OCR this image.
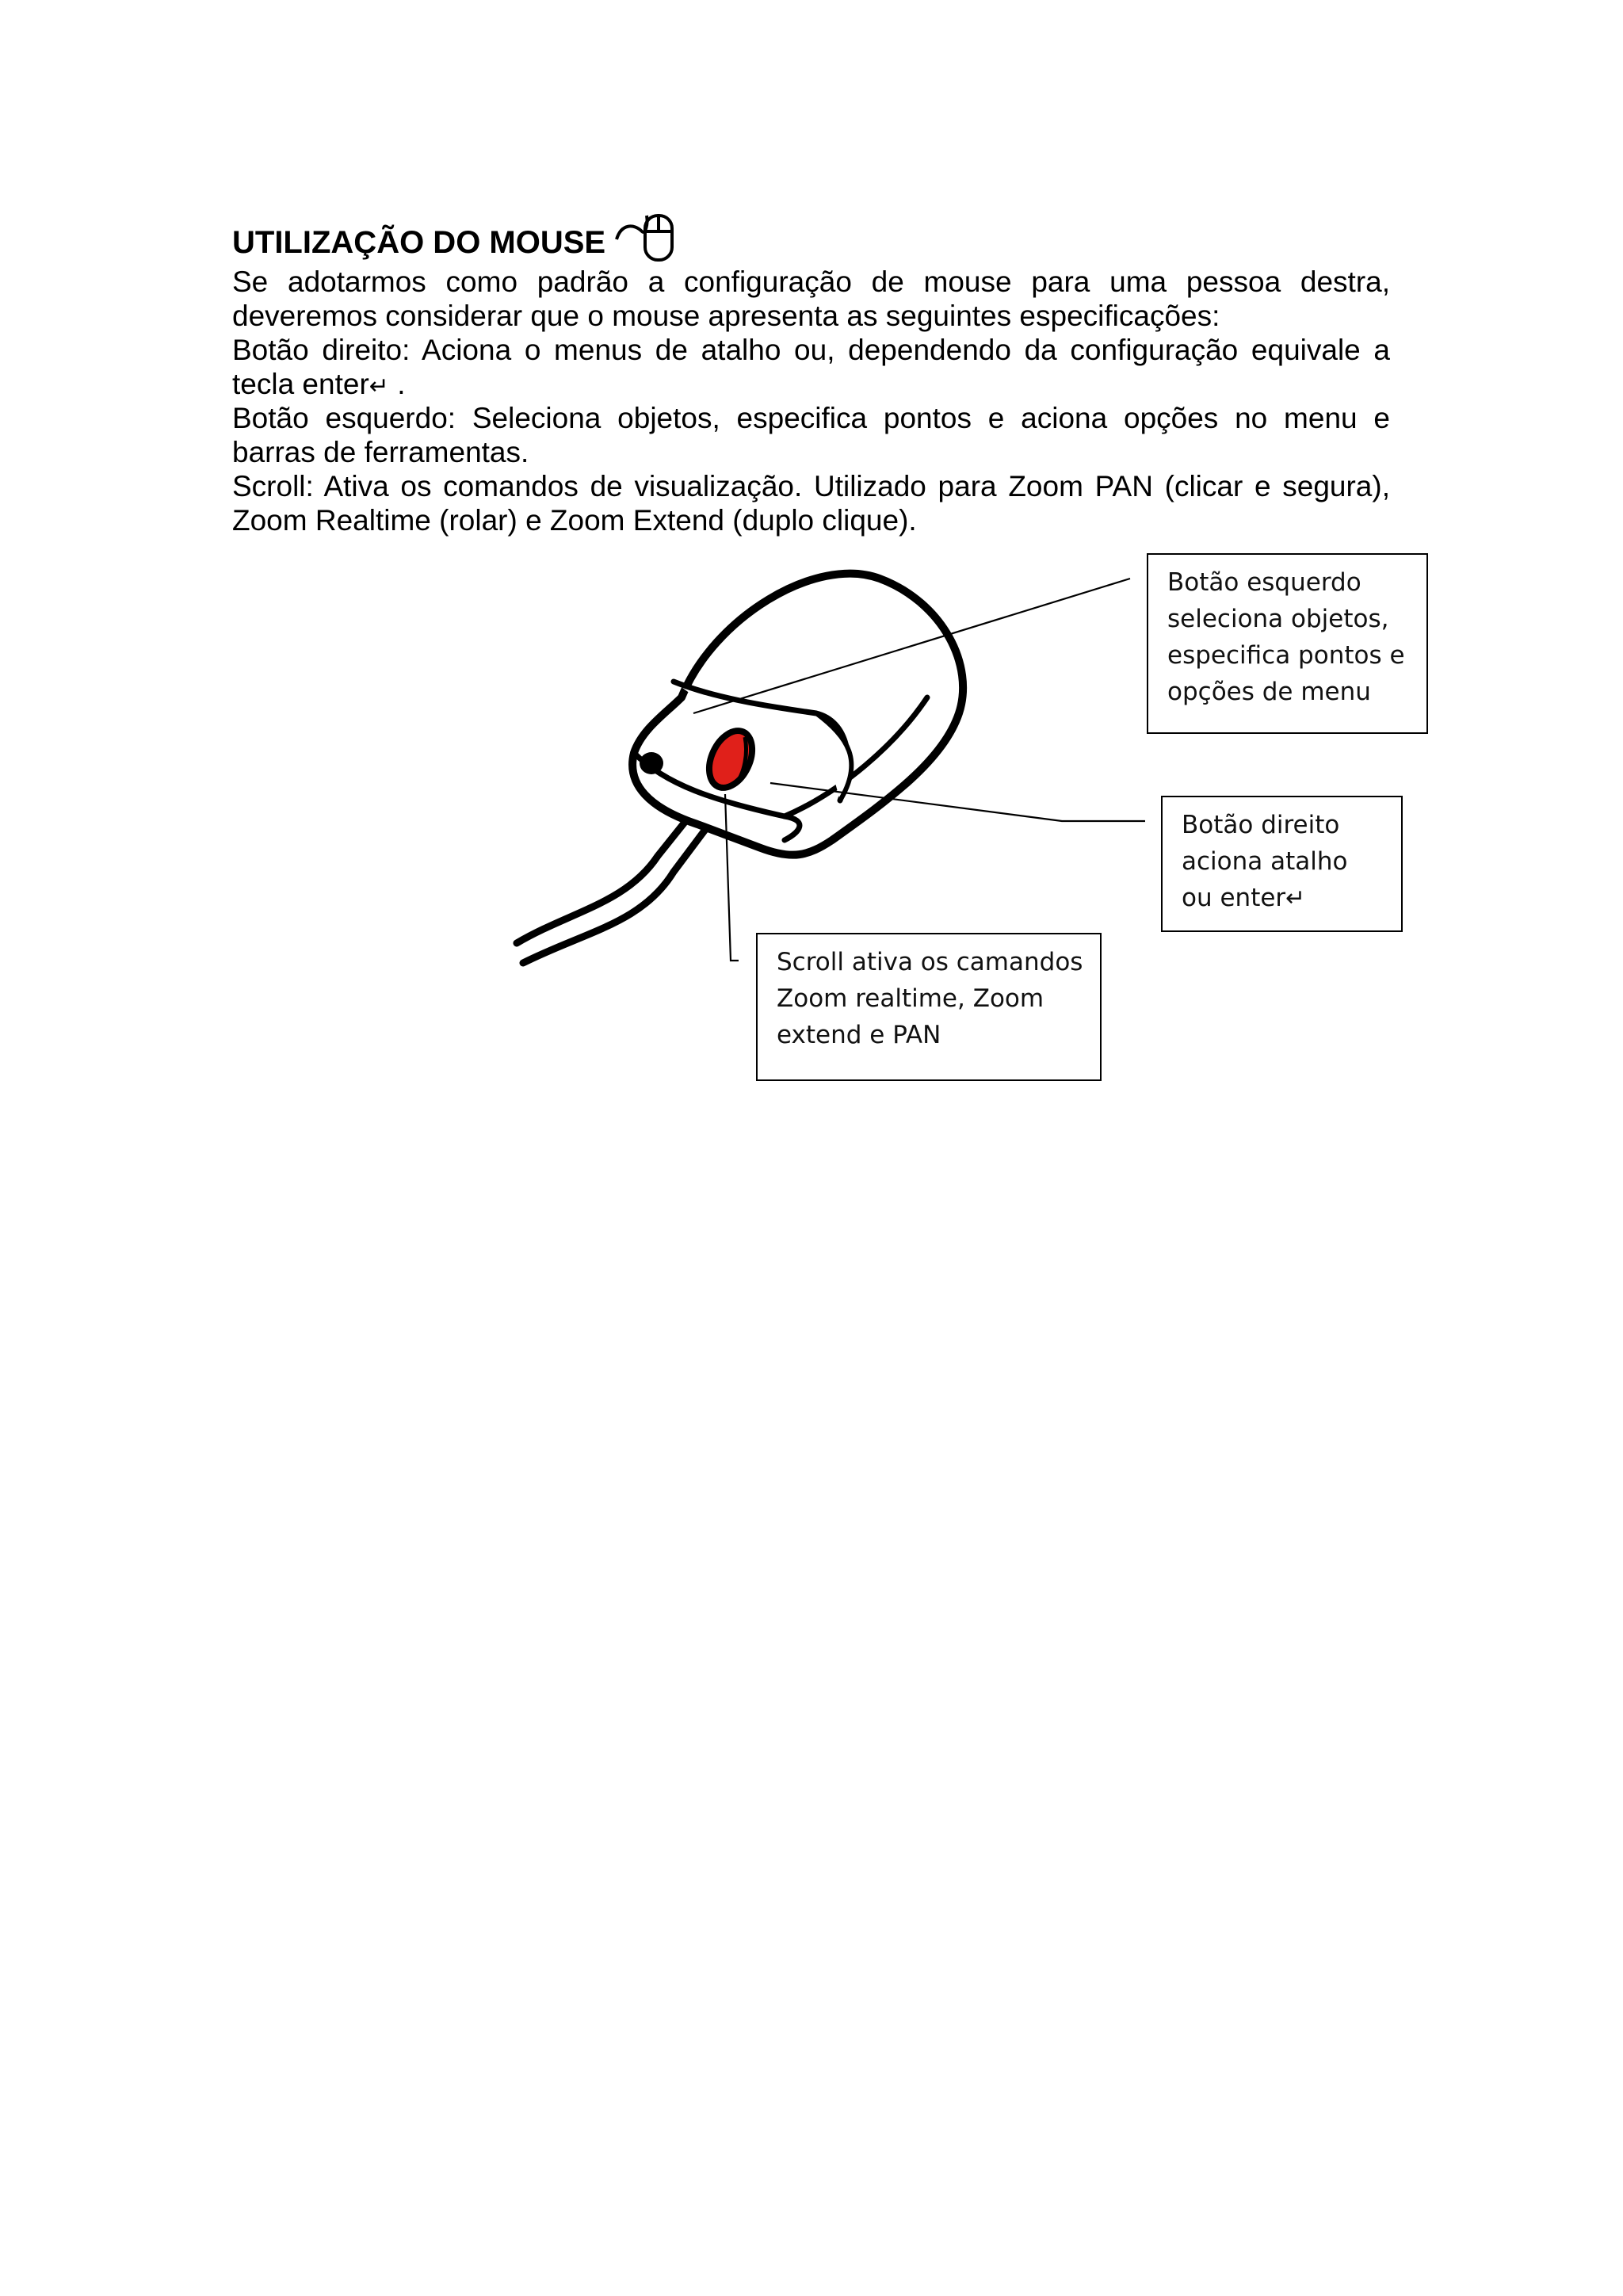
UTILIZAÇÃO DO MOUSE
Se adotarmos como padrão a configuração de mouse para uma pessoa destra,
deveremos considerar que o mouse apresenta as seguintes especificações:
Botão direito: Aciona o menus de atalho ou, dependendo da configuração equivale a
tecla enter↵ .
Botão esquerdo: Seleciona objetos, especifica pontos e aciona opções no menu e
barras de ferramentas.
Scroll: Ativa os comandos de visualização. Utilizado para Zoom PAN (clicar e segura),
Zoom Realtime (rolar) e Zoom Extend (duplo clique).
Botão esquerdo
seleciona objetos,
especifica pontos e
opções de menu
Botão direito
aciona atalho
ou enter↵
Scroll ativa os camandos
Zoom realtime, Zoom
extend e PAN
